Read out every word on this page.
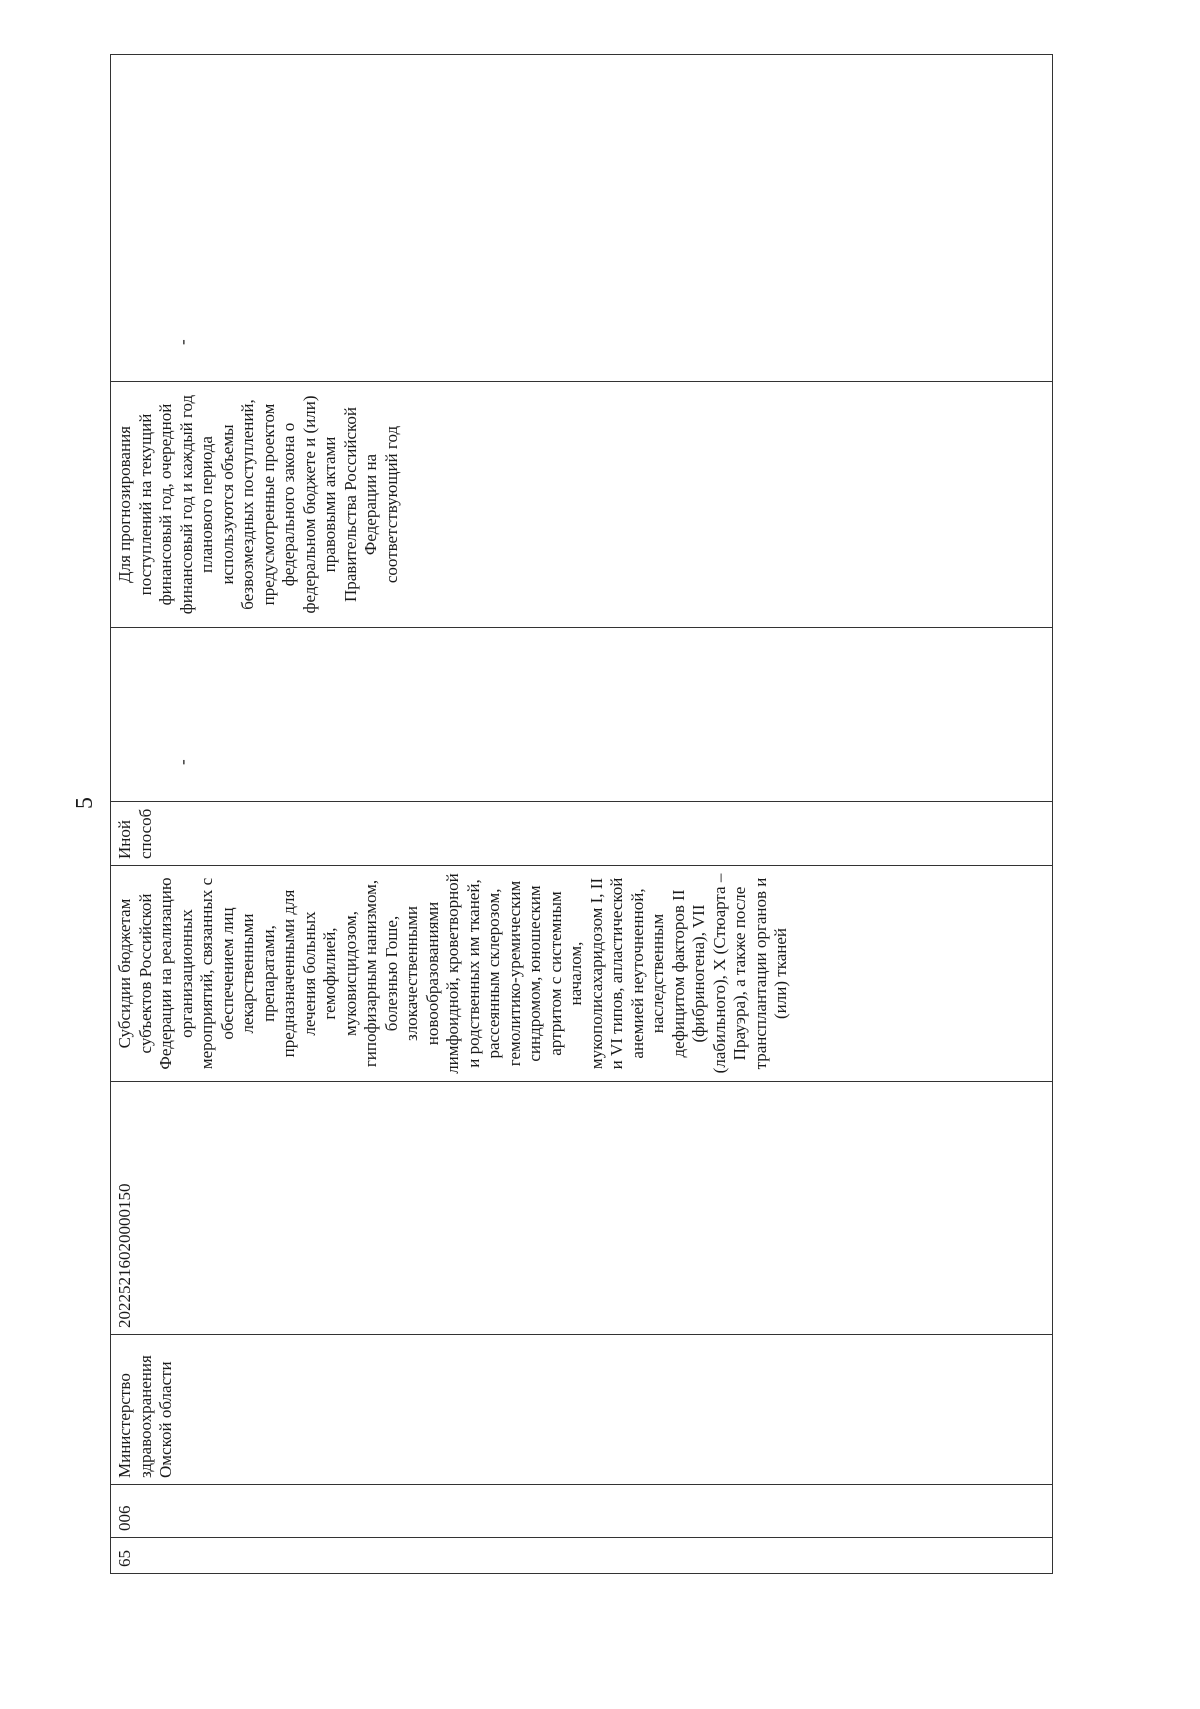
5
65	006	Министерство здравоохранения Омской области	20225216020000150	Субсидии бюджетам субъектов Российской Федерации на реализацию организационных мероприятий, связанных с обеспечением лиц лекарственными препаратами, предназначенными для лечения больных гемофилией, муковисцидозом, гипофизарным нанизмом, болезнью Гоше, злокачественными новообразованиями лимфоидной, кроветворной и родственных им тканей, рассеянным склерозом, гемолитико-уремическим синдромом, юношеским артритом с системным началом, мукополисахаридозом I, II и VI типов, апластической анемией неуточненной, наследственным дефицитом факторов II (фибриногена), VII (лабильного), X (Стюарта – Прауэра), а также после трансплантации органов и (или) тканей	Иной способ	-	Для прогнозирования поступлений на текущий финансовый год, очередной финансовый год и каждый год планового периода используются объемы безвозмездных поступлений, предусмотренные проектом федерального закона о федеральном бюджете и (или) правовыми актами Правительства Российской Федерации на соответствующий год	-
